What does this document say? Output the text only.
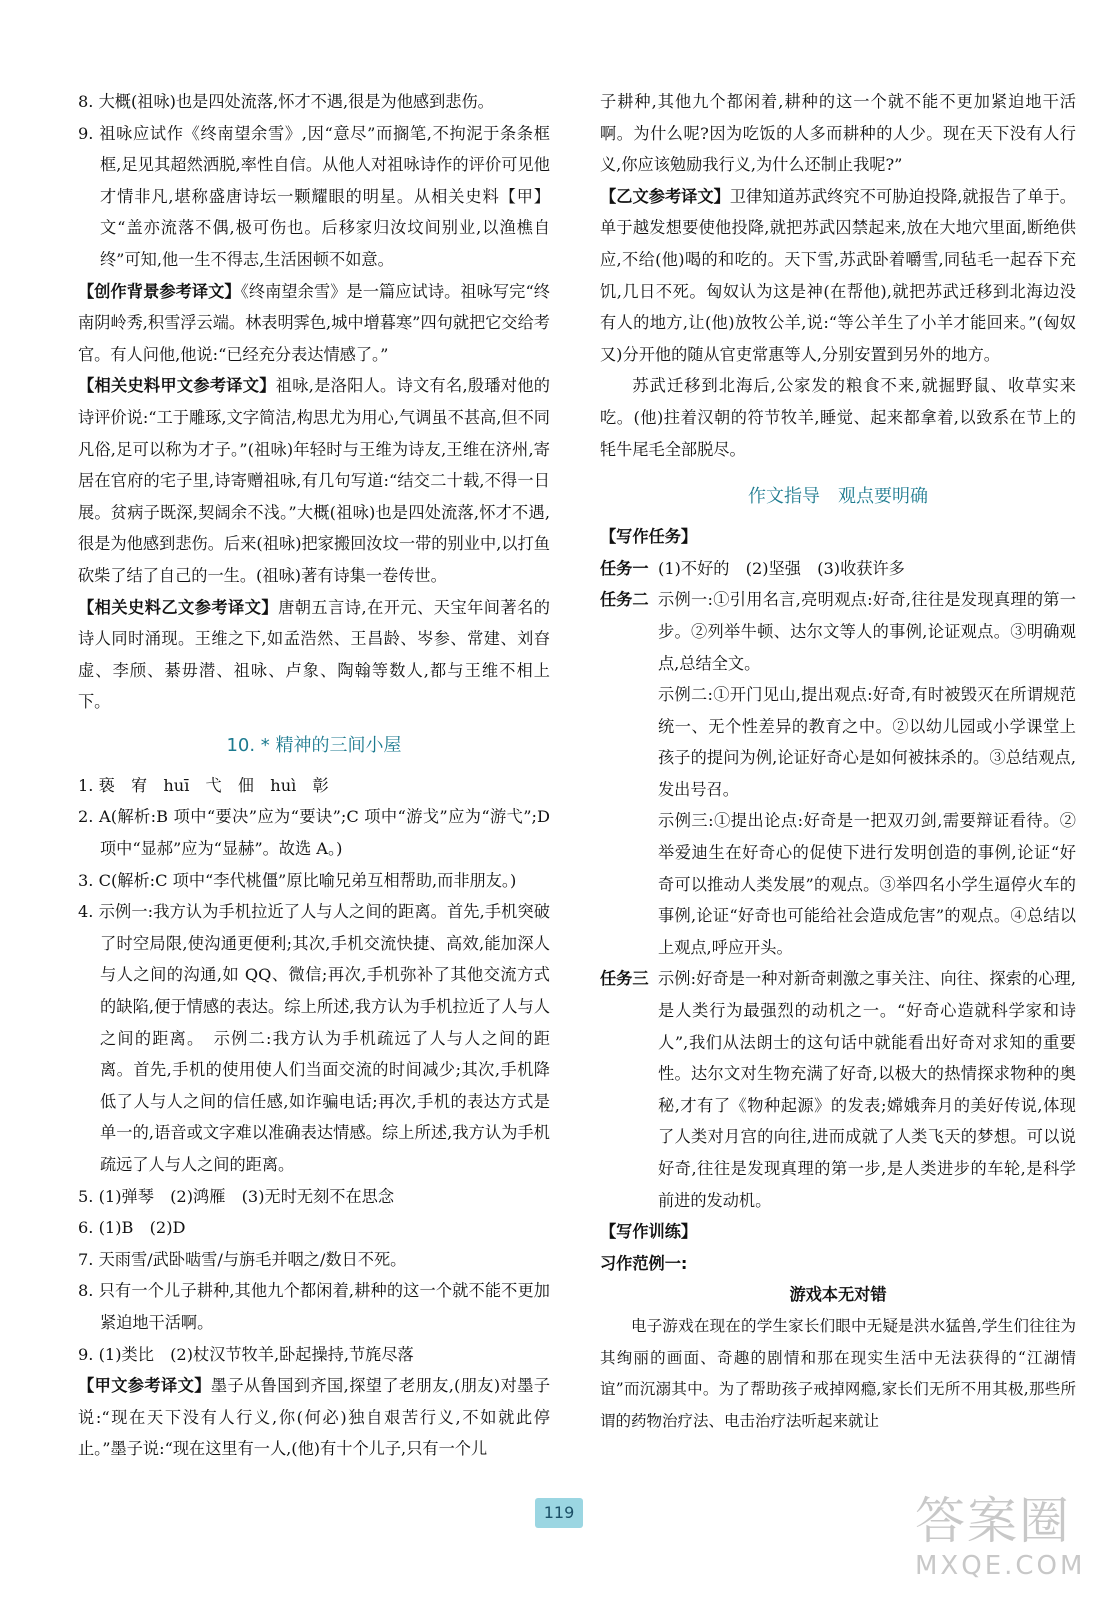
8. 大概(祖咏)也是四处流落,怀才不遇,很是为他感到悲伤。

9. 祖咏应试作《终南望余雪》,因“意尽”而搁笔,不拘泥于条条框框,足见其超然洒脱,率性自信。从他人对祖咏诗作的评价可见他才情非凡,堪称盛唐诗坛一颗耀眼的明星。从相关史料【甲】文“盖亦流落不偶,极可伤也。后移家归汝坟间别业,以渔樵自终”可知,他一生不得志,生活困顿不如意。

【创作背景参考译文】《终南望余雪》是一篇应试诗。祖咏写完“终南阴岭秀,积雪浮云端。林表明霁色,城中增暮寒”四句就把它交给考官。有人问他,他说:“已经充分表达情感了。”

【相关史料甲文参考译文】祖咏,是洛阳人。诗文有名,殷璠对他的诗评价说:“工于雕琢,文字简洁,构思尤为用心,气调虽不甚高,但不同凡俗,足可以称为才子。”(祖咏)年轻时与王维为诗友,王维在济州,寄居在官府的宅子里,诗寄赠祖咏,有几句写道:“结交二十载,不得一日展。贫病子既深,契阔余不浅。”大概(祖咏)也是四处流落,怀才不遇,很是为他感到悲伤。后来(祖咏)把家搬回汝坟一带的别业中,以打鱼砍柴了结了自己的一生。(祖咏)著有诗集一卷传世。

【相关史料乙文参考译文】唐朝五言诗,在开元、天宝年间著名的诗人同时涌现。王维之下,如孟浩然、王昌龄、岑参、常建、刘昚虚、李颀、綦毋潜、祖咏、卢象、陶翰等数人,都与王维不相上下。

10. * 精神的三间小屋

1. 亵　宥　huī　弋　佃　huì　彰

2. A(解析:B 项中“要决”应为“要诀”;C 项中“游戈”应为“游弋”;D 项中“显郝”应为“显赫”。故选 A。)

3. C(解析:C 项中“李代桃僵”原比喻兄弟互相帮助,而非朋友。)

4. 示例一:我方认为手机拉近了人与人之间的距离。首先,手机突破了时空局限,使沟通更便利;其次,手机交流快捷、高效,能加深人与人之间的沟通,如 QQ、微信;再次,手机弥补了其他交流方式的缺陷,便于情感的表达。综上所述,我方认为手机拉近了人与人之间的距离。　示例二:我方认为手机疏远了人与人之间的距离。首先,手机的使用使人们当面交流的时间减少;其次,手机降低了人与人之间的信任感,如诈骗电话;再次,手机的表达方式是单一的,语音或文字难以准确表达情感。综上所述,我方认为手机疏远了人与人之间的距离。

5. (1)弹琴　(2)鸿雁　(3)无时无刻不在思念

6. (1)B　(2)D

7. 天雨雪/武卧啮雪/与旃毛并咽之/数日不死。

8. 只有一个儿子耕种,其他九个都闲着,耕种的这一个就不能不更加紧迫地干活啊。

9. (1)类比　(2)杖汉节牧羊,卧起操持,节旄尽落

【甲文参考译文】墨子从鲁国到齐国,探望了老朋友,(朋友)对墨子说:“现在天下没有人行义,你(何必)独自艰苦行义,不如就此停止。”墨子说:“现在这里有一人,(他)有十个儿子,只有一个儿

子耕种,其他九个都闲着,耕种的这一个就不能不更加紧迫地干活啊。为什么呢?因为吃饭的人多而耕种的人少。现在天下没有人行义,你应该勉励我行义,为什么还制止我呢?”

【乙文参考译文】卫律知道苏武终究不可胁迫投降,就报告了单于。单于越发想要使他投降,就把苏武囚禁起来,放在大地穴里面,断绝供应,不给(他)喝的和吃的。天下雪,苏武卧着嚼雪,同毡毛一起吞下充饥,几日不死。匈奴认为这是神(在帮他),就把苏武迁移到北海边没有人的地方,让(他)放牧公羊,说:“等公羊生了小羊才能回来。”(匈奴又)分开他的随从官吏常惠等人,分别安置到另外的地方。

苏武迁移到北海后,公家发的粮食不来,就掘野鼠、收草实来吃。(他)拄着汉朝的符节牧羊,睡觉、起来都拿着,以致系在节上的牦牛尾毛全部脱尽。

作文指导　观点要明确

【写作任务】

任务一 (1)不好的　(2)坚强　(3)收获许多
任务二 示例一:①引用名言,亮明观点:好奇,往往是发现真理的第一步。②列举牛顿、达尔文等人的事例,论证观点。③明确观点,总结全文。

示例二:①开门见山,提出观点:好奇,有时被毁灭在所谓规范统一、无个性差异的教育之中。②以幼儿园或小学课堂上孩子的提问为例,论证好奇心是如何被抹杀的。③总结观点,发出号召。

示例三:①提出论点:好奇是一把双刃剑,需要辩证看待。②举爱迪生在好奇心的促使下进行发明创造的事例,论证“好奇可以推动人类发展”的观点。③举四名小学生逼停火车的事例,论证“好奇也可能给社会造成危害”的观点。④总结以上观点,呼应开头。

任务三 示例:好奇是一种对新奇刺激之事关注、向往、探索的心理,是人类行为最强烈的动机之一。“好奇心造就科学家和诗人”,我们从法朗士的这句话中就能看出好奇对求知的重要性。达尔文对生物充满了好奇,以极大的热情探求物种的奥秘,才有了《物种起源》的发表;嫦娥奔月的美好传说,体现了人类对月宫的向往,进而成就了人类飞天的梦想。可以说好奇,往往是发现真理的第一步,是人类进步的车轮,是科学前进的发动机。

【写作训练】

习作范例一:

游戏本无对错

电子游戏在现在的学生家长们眼中无疑是洪水猛兽,学生们往往为其绚丽的画面、奇趣的剧情和那在现实生活中无法获得的“江湖情谊”而沉溺其中。为了帮助孩子戒掉网瘾,家长们无所不用其极,那些所谓的药物治疗法、电击治疗法听起来就让

119	答案圈
MXQE.COM
